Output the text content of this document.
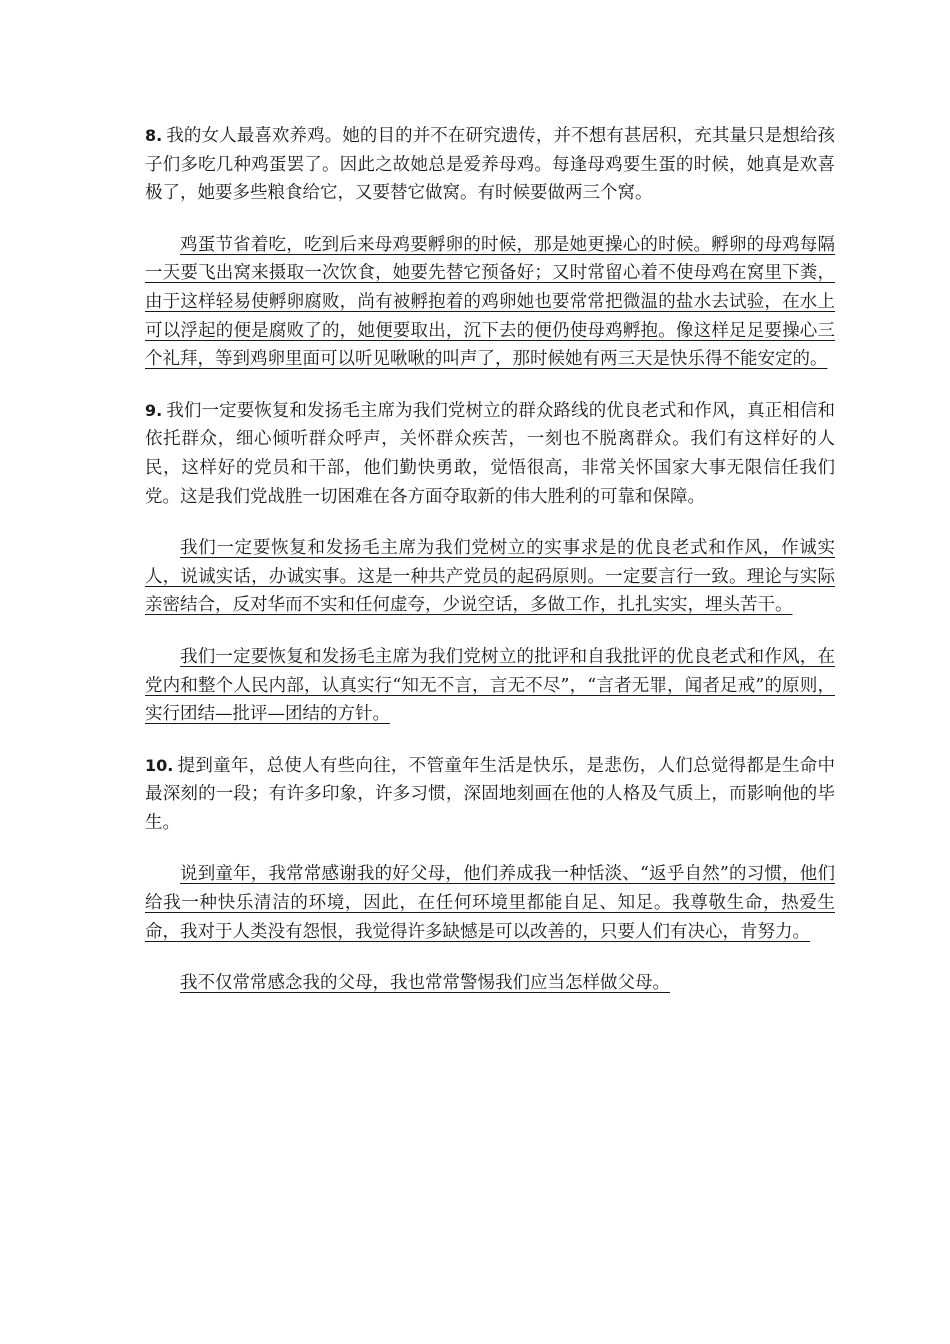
8. 我的女人最喜欢养鸡。她的目的并不在研究遗传，并不想有甚居积，充其量只是想给孩子们多吃几种鸡蛋罢了。因此之故她总是爱养母鸡。每逢母鸡要生蛋的时候，她真是欢喜极了，她要多些粮食给它，又要替它做窝。有时候要做两三个窝。

鸡蛋节省着吃，吃到后来母鸡要孵卵的时候，那是她更操心的时候。孵卵的母鸡每隔一天要飞出窝来摄取一次饮食，她要先替它预备好；又时常留心着不使母鸡在窝里下粪，由于这样轻易使孵卵腐败，尚有被孵抱着的鸡卵她也要常常把微温的盐水去试验，在水上可以浮起的便是腐败了的，她便要取出，沉下去的便仍使母鸡孵抱。像这样足足要操心三个礼拜，等到鸡卵里面可以听见啾啾的叫声了，那时候她有两三天是快乐得不能安定的。

9. 我们一定要恢复和发扬毛主席为我们党树立的群众路线的优良老式和作风，真正相信和依托群众，细心倾听群众呼声，关怀群众疾苦，一刻也不脱离群众。我们有这样好的人民，这样好的党员和干部，他们勤快勇敢，觉悟很高，非常关怀国家大事无限信任我们党。这是我们党战胜一切困难在各方面夺取新的伟大胜利的可靠和保障。

我们一定要恢复和发扬毛主席为我们党树立的实事求是的优良老式和作风，作诚实人，说诚实话，办诚实事。这是一种共产党员的起码原则。一定要言行一致。理论与实际亲密结合，反对华而不实和任何虚夸，少说空话，多做工作，扎扎实实，埋头苦干。

我们一定要恢复和发扬毛主席为我们党树立的批评和自我批评的优良老式和作风，在党内和整个人民内部，认真实行“知无不言，言无不尽”，“言者无罪，闻者足戒”的原则，实行团结—批评—团结的方针。

10. 提到童年，总使人有些向往，不管童年生活是快乐，是悲伤，人们总觉得都是生命中最深刻的一段；有许多印象，许多习惯，深固地刻画在他的人格及气质上，而影响他的毕生。

说到童年，我常常感谢我的好父母，他们养成我一种恬淡、“返乎自然”的习惯，他们给我一种快乐清洁的环境，因此，在任何环境里都能自足、知足。我尊敬生命，热爱生命，我对于人类没有怨恨，我觉得许多缺憾是可以改善的，只要人们有决心，肯努力。

我不仅常常感念我的父母，我也常常警惕我们应当怎样做父母。
